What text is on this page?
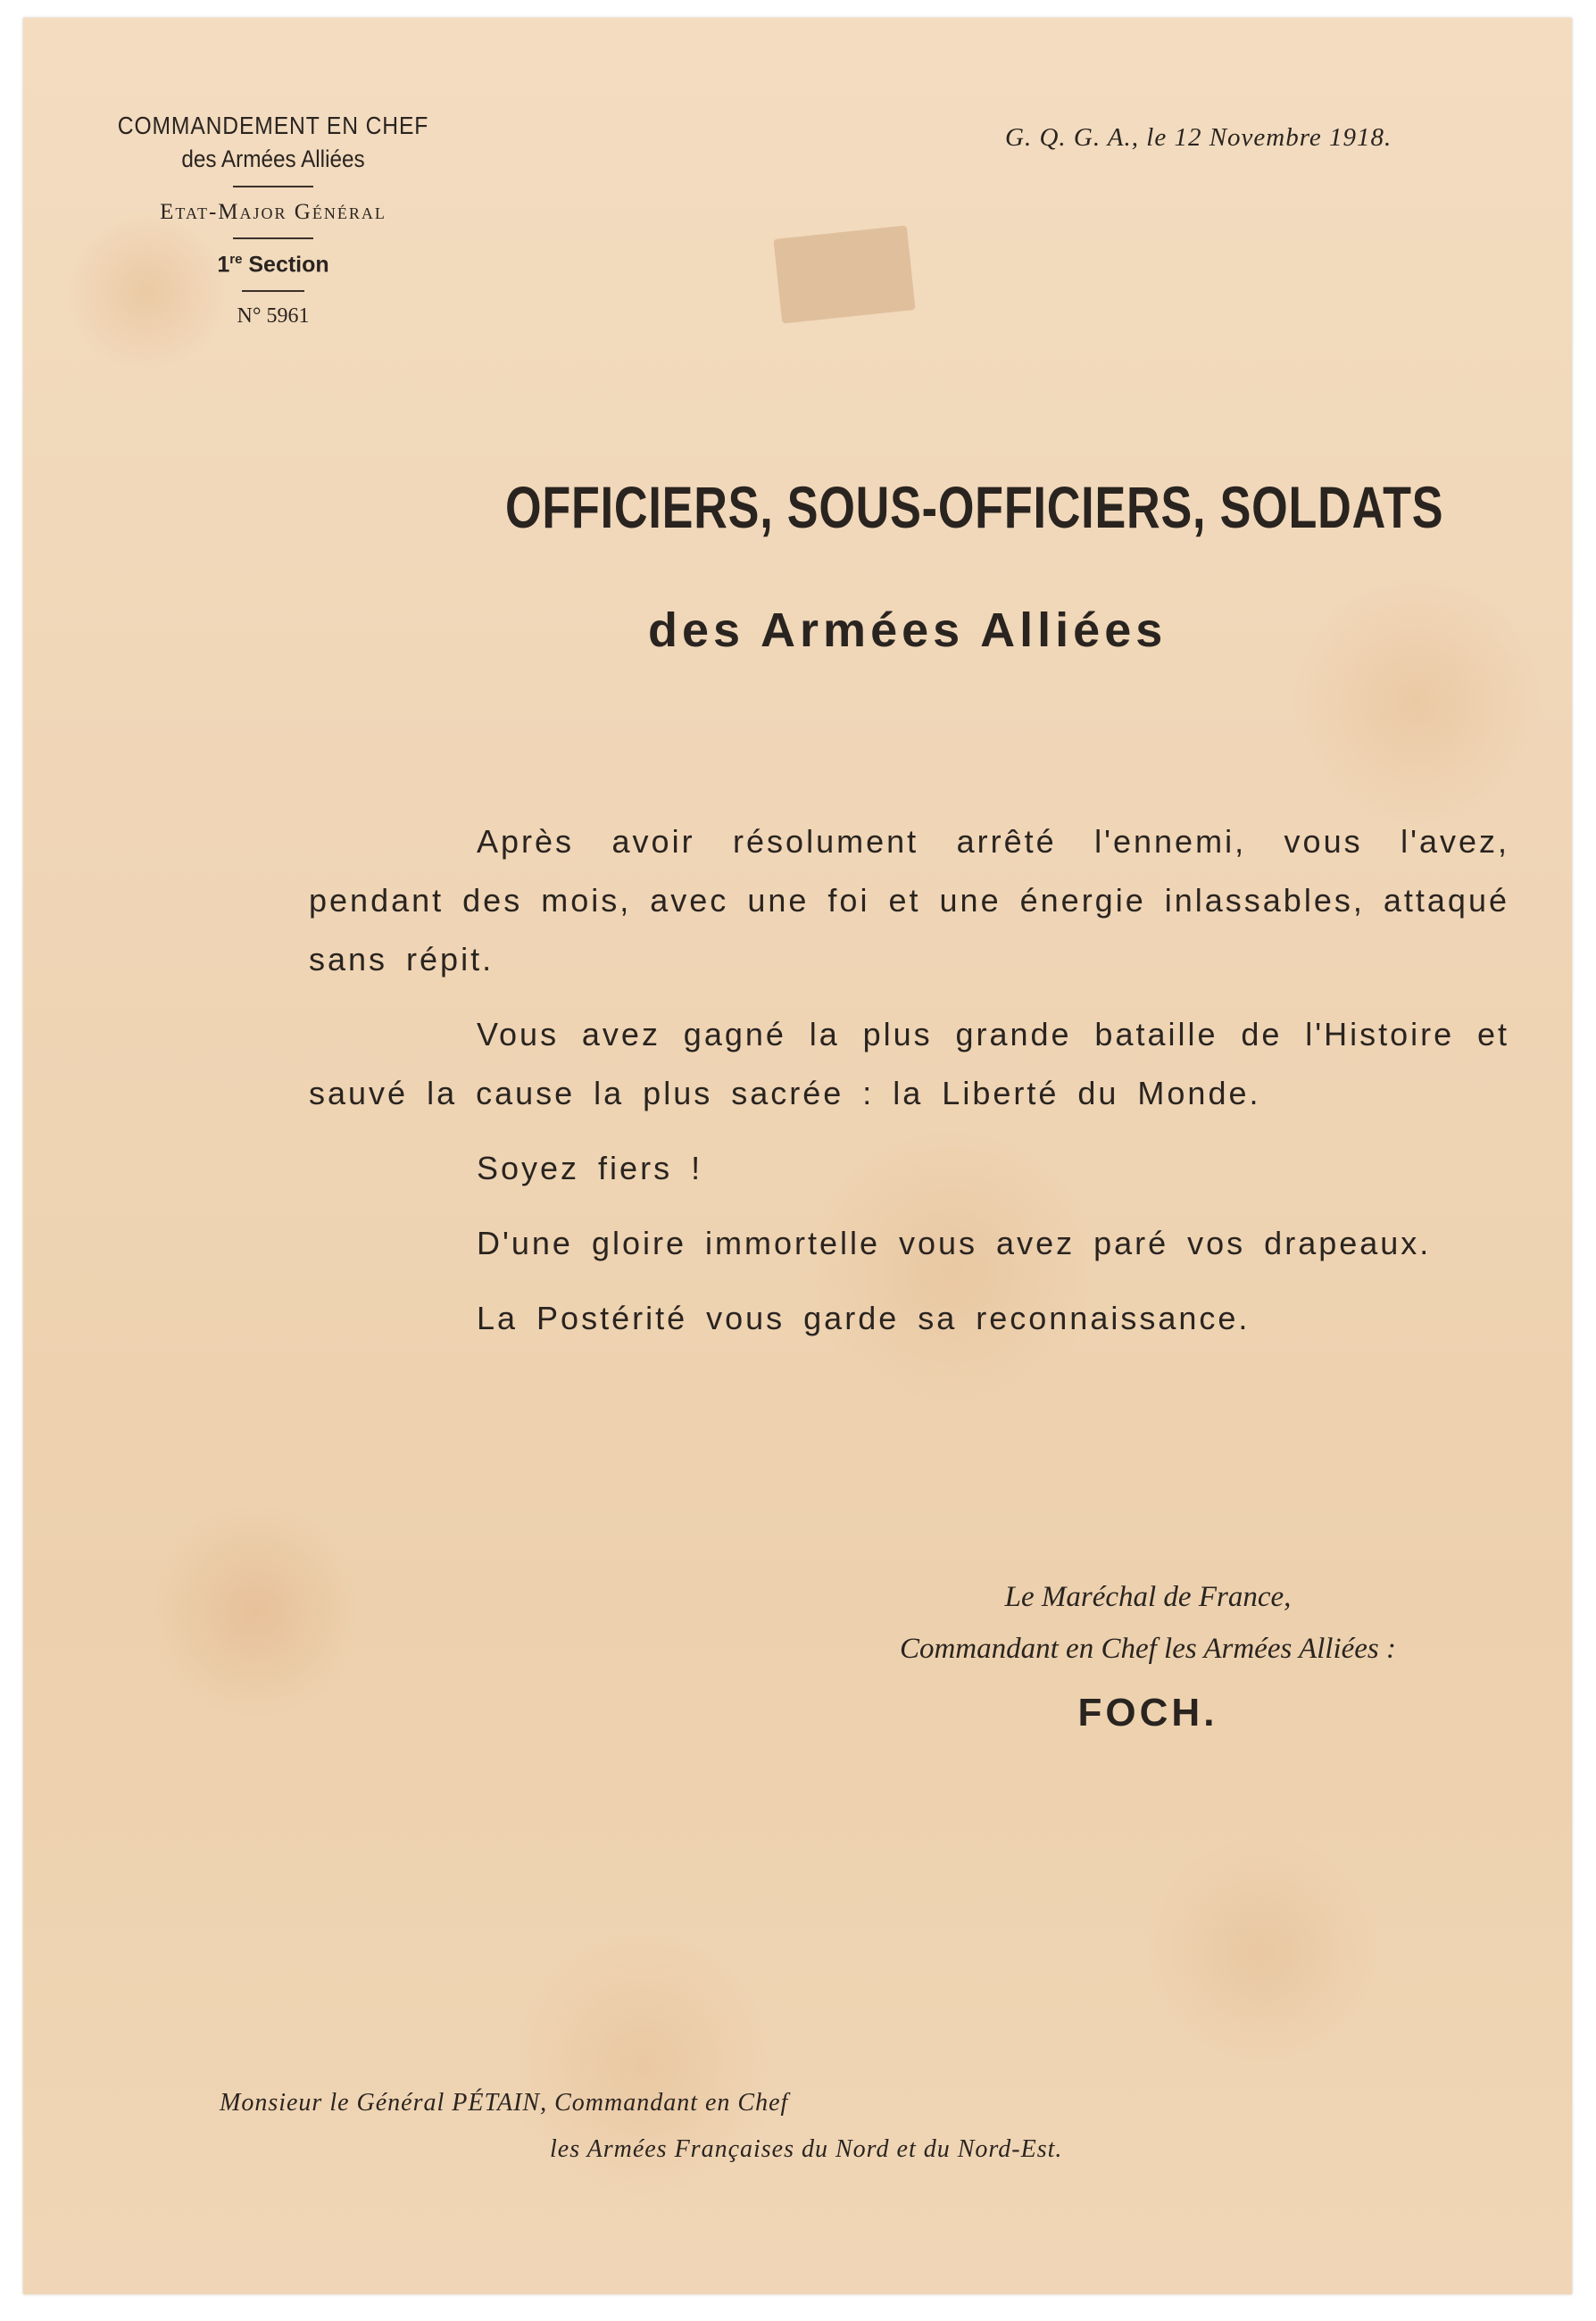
COMMANDEMENT EN CHEF
des Armées Alliées
Etat-Major Général
1re Section
N° 5961
G. Q. G. A., le 12 Novembre 1918.
OFFICIERS, SOUS-OFFICIERS, SOLDATS
des Armées Alliées

Après avoir résolument arrêté l'ennemi, vous l'avez, pendant des mois, avec une foi et une énergie inlassables, attaqué sans répit.

Vous avez gagné la plus grande bataille de l'Histoire et sauvé la cause la plus sacrée : la Liberté du Monde.

Soyez fiers !

D'une gloire immortelle vous avez paré vos drapeaux.

La Postérité vous garde sa reconnaissance.

Le Maréchal de France,
Commandant en Chef les Armées Alliées :
FOCH.
Monsieur le Général PÉTAIN, Commandant en Chef
les Armées Françaises du Nord et du Nord-Est.
